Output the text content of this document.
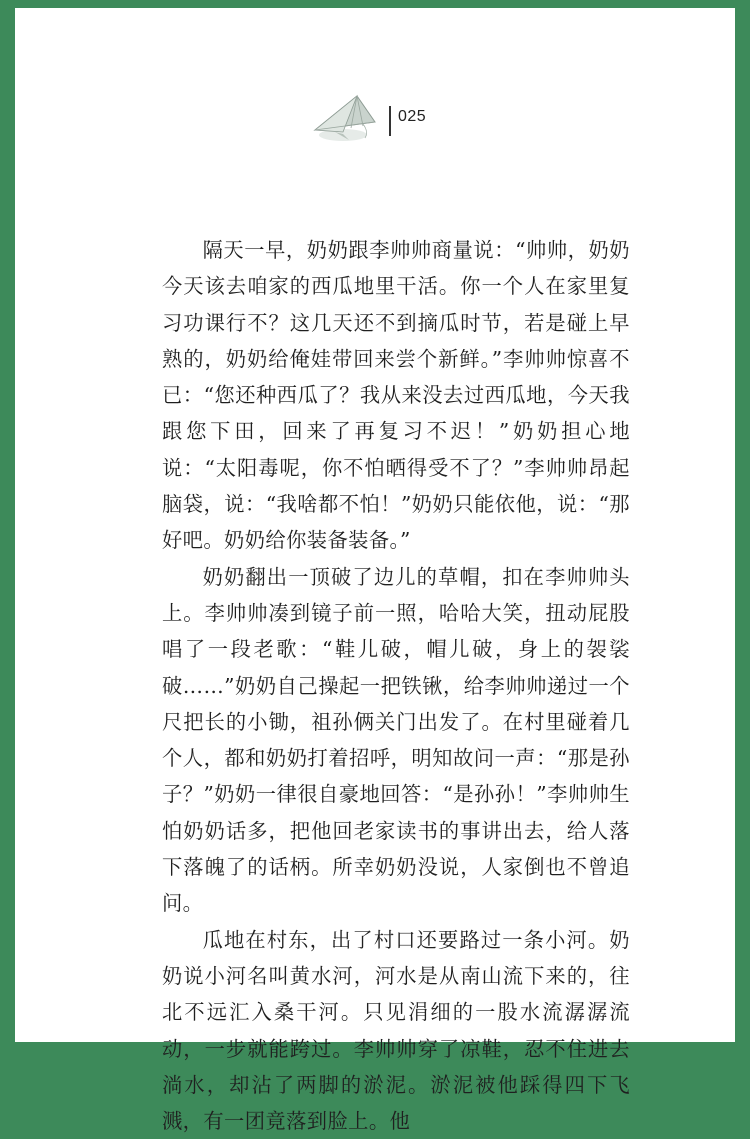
025

隔天一早，奶奶跟李帅帅商量说：“帅帅，奶奶今天该去咱家的西瓜地里干活。你一个人在家里复习功课行不？这几天还不到摘瓜时节，若是碰上早熟的，奶奶给俺娃带回来尝个新鲜。”李帅帅惊喜不已：“您还种西瓜了？我从来没去过西瓜地，今天我跟您下田，回来了再复习不迟！”奶奶担心地说：“太阳毒呢，你不怕晒得受不了？”李帅帅昂起脑袋，说：“我啥都不怕！”奶奶只能依他，说：“那好吧。奶奶给你装备装备。”

奶奶翻出一顶破了边儿的草帽，扣在李帅帅头上。李帅帅凑到镜子前一照，哈哈大笑，扭动屁股唱了一段老歌：“鞋儿破，帽儿破，身上的袈裟破……”奶奶自己操起一把铁锹，给李帅帅递过一个尺把长的小锄，祖孙俩关门出发了。在村里碰着几个人，都和奶奶打着招呼，明知故问一声：“那是孙子？”奶奶一律很自豪地回答：“是孙孙！”李帅帅生怕奶奶话多，把他回老家读书的事讲出去，给人落下落魄了的话柄。所幸奶奶没说，人家倒也不曾追问。

瓜地在村东，出了村口还要路过一条小河。奶奶说小河名叫黄水河，河水是从南山流下来的，往北不远汇入桑干河。只见涓细的一股水流潺潺流动，一步就能跨过。李帅帅穿了凉鞋，忍不住进去淌水，却沾了两脚的淤泥。淤泥被他踩得四下飞溅，有一团竟落到脸上。他
